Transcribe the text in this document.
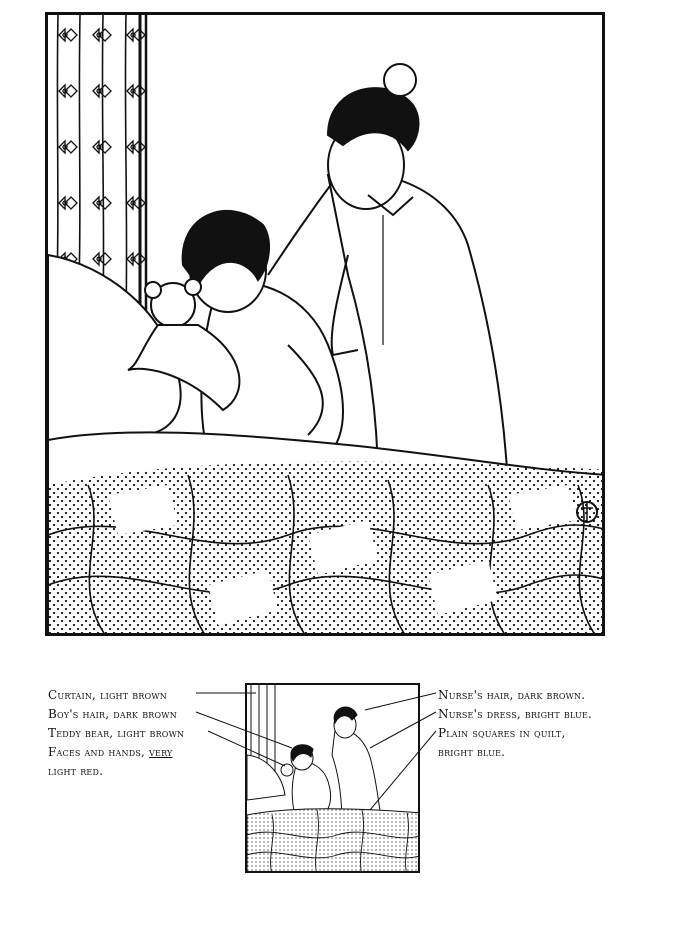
Curtain, light brown
Boy's hair, dark brown
Teddy bear, light brown
Faces and hands, very
light red.
Nurse's hair, dark brown.
Nurse's dress, bright blue.
Plain squares in quilt,
bright blue.
